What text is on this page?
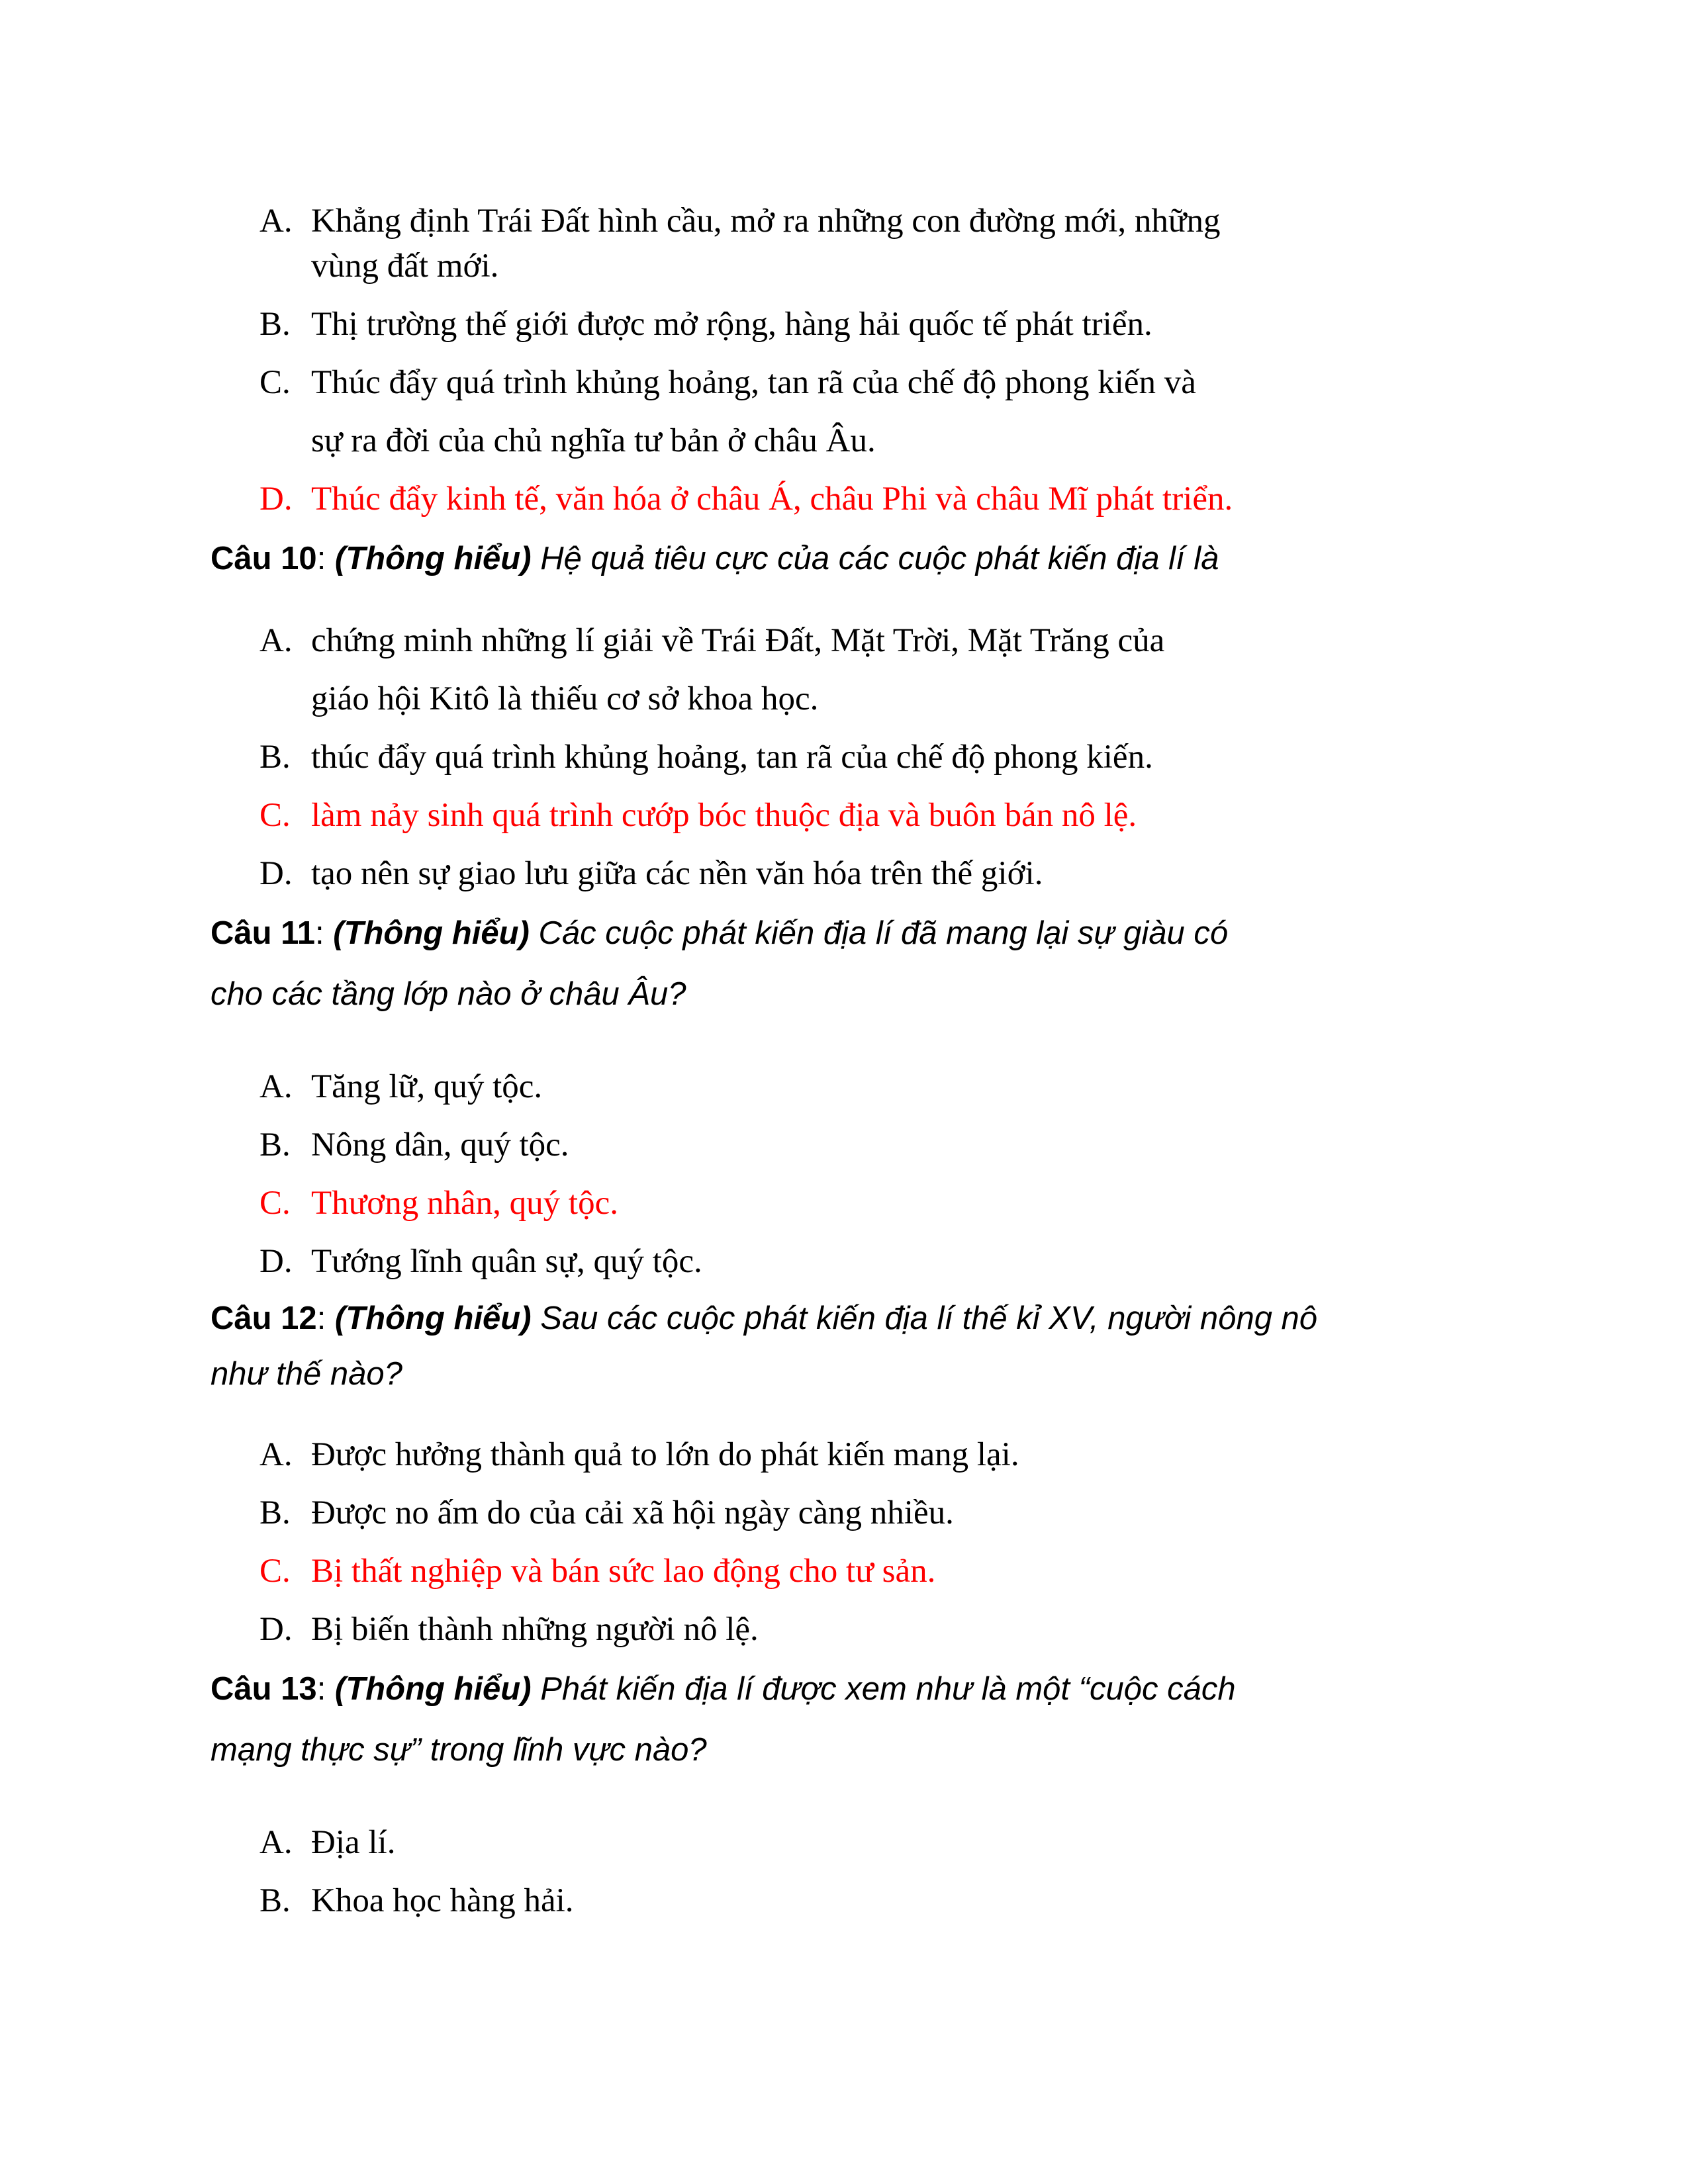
A. Khẳng định Trái Đất hình cầu, mở ra những con đường mới, những
vùng đất mới.
B. Thị trường thế giới được mở rộng, hàng hải quốc tế phát triển.
C. Thúc đẩy quá trình khủng hoảng, tan rã của chế độ phong kiến và
sự ra đời của chủ nghĩa tư bản ở châu Âu.
D. Thúc đẩy kinh tế, văn hóa ở châu Á, châu Phi và châu Mĩ phát triển.
Câu 10: (Thông hiểu) Hệ quả tiêu cực của các cuộc phát kiến địa lí là
A. chứng minh những lí giải về Trái Đất, Mặt Trời, Mặt Trăng của
giáo hội Kitô là thiếu cơ sở khoa học.
B. thúc đẩy quá trình khủng hoảng, tan rã của chế độ phong kiến.
C. làm nảy sinh quá trình cướp bóc thuộc địa và buôn bán nô lệ.
D. tạo nên sự giao lưu giữa các nền văn hóa trên thế giới.
Câu 11: (Thông hiểu) Các cuộc phát kiến địa lí đã mang lại sự giàu có
cho các tầng lớp nào ở châu Âu?
A. Tăng lữ, quý tộc.
B. Nông dân, quý tộc.
C. Thương nhân, quý tộc.
D. Tướng lĩnh quân sự, quý tộc.
Câu 12: (Thông hiểu) Sau các cuộc phát kiến địa lí thế kỉ XV, người nông nô
như thế nào?
A. Được hưởng thành quả to lớn do phát kiến mang lại.
B. Được no ấm do của cải xã hội ngày càng nhiều.
C. Bị thất nghiệp và bán sức lao động cho tư sản.
D. Bị biến thành những người nô lệ.
Câu 13: (Thông hiểu) Phát kiến địa lí được xem như là một “cuộc cách
mạng thực sự” trong lĩnh vực nào?
A. Địa lí.
B. Khoa học hàng hải.
